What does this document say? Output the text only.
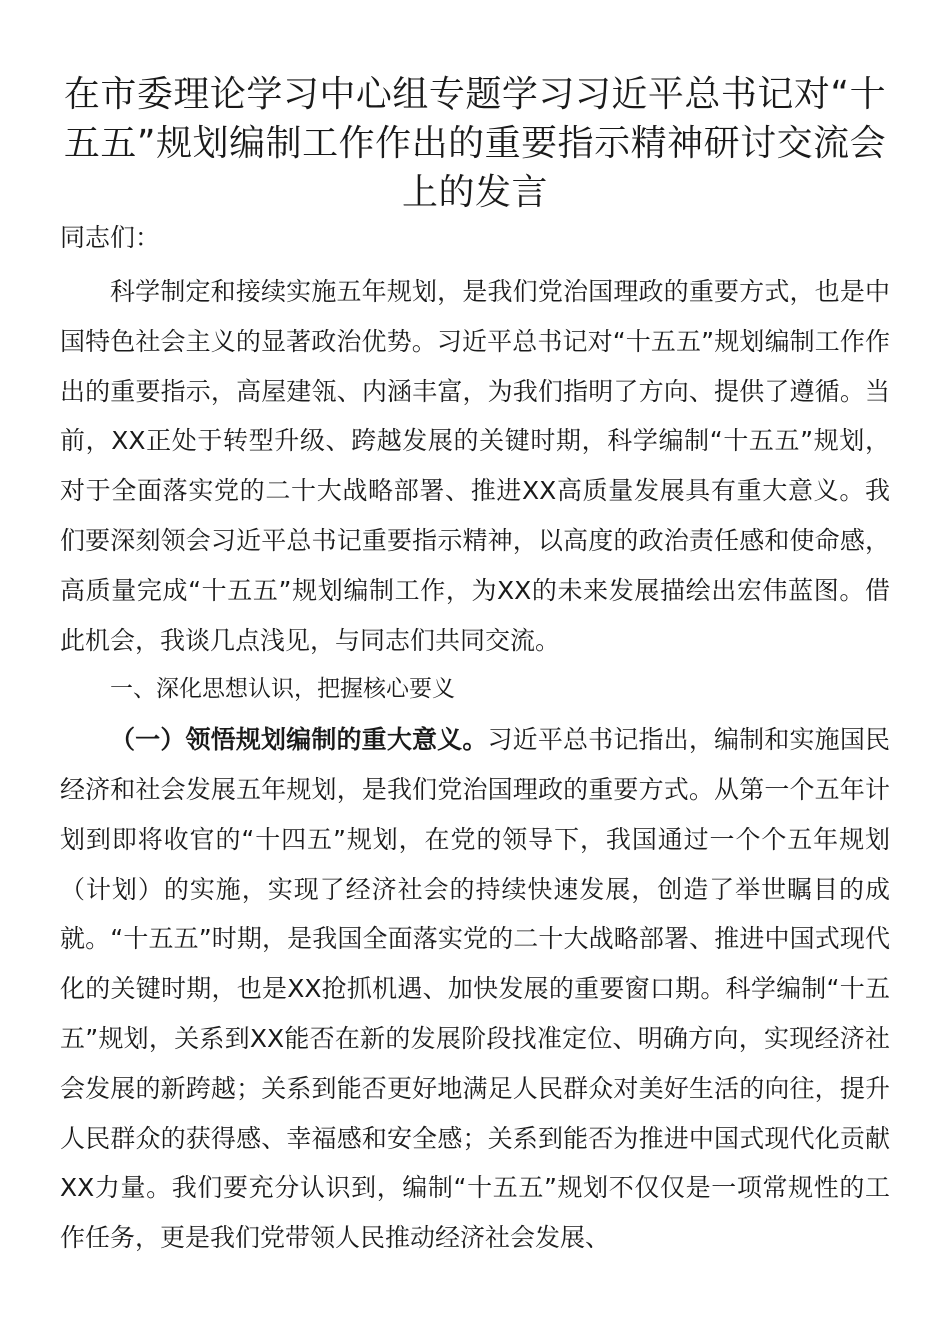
在市委理论学习中心组专题学习习近平总书记对“十五五”规划编制工作作出的重要指示精神研讨交流会上的发言

同志们：

科学制定和接续实施五年规划，是我们党治国理政的重要方式，也是中国特色社会主义的显著政治优势。习近平总书记对“十五五”规划编制工作作出的重要指示，高屋建瓴、内涵丰富，为我们指明了方向、提供了遵循。当前，XX正处于转型升级、跨越发展的关键时期，科学编制“十五五”规划，对于全面落实党的二十大战略部署、推进XX高质量发展具有重大意义。我们要深刻领会习近平总书记重要指示精神，以高度的政治责任感和使命感，高质量完成“十五五”规划编制工作，为XX的未来发展描绘出宏伟蓝图。借此机会，我谈几点浅见，与同志们共同交流。

一、深化思想认识，把握核心要义

（一）领悟规划编制的重大意义。习近平总书记指出，编制和实施国民经济和社会发展五年规划，是我们党治国理政的重要方式。从第一个五年计划到即将收官的“十四五”规划，在党的领导下，我国通过一个个五年规划（计划）的实施，实现了经济社会的持续快速发展，创造了举世瞩目的成就。“十五五”时期，是我国全面落实党的二十大战略部署、推进中国式现代化的关键时期，也是XX抢抓机遇、加快发展的重要窗口期。科学编制“十五五”规划，关系到XX能否在新的发展阶段找准定位、明确方向，实现经济社会发展的新跨越；关系到能否更好地满足人民群众对美好生活的向往，提升人民群众的获得感、幸福感和安全感；关系到能否为推进中国式现代化贡献XX力量。我们要充分认识到，编制“十五五”规划不仅仅是一项常规性的工作任务，更是我们党带领人民推动经济社会发展、
